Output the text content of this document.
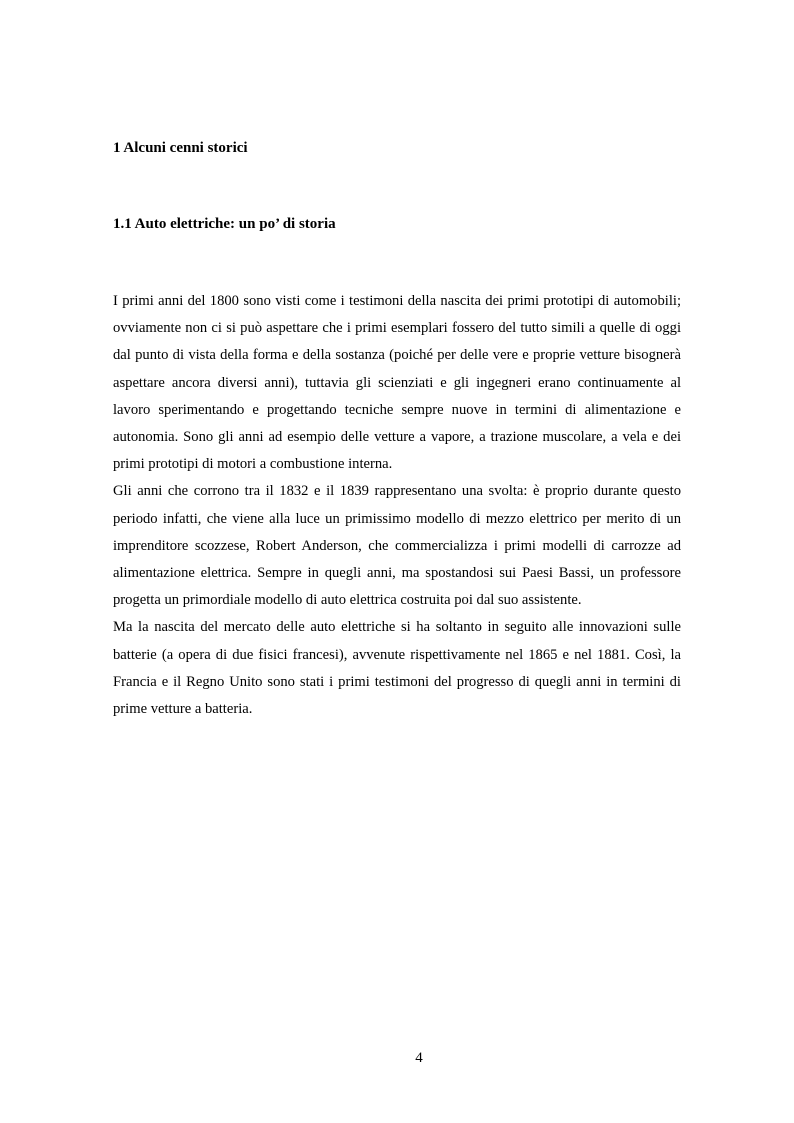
1 Alcuni cenni storici
1.1 Auto elettriche: un po’ di storia

I primi anni del 1800 sono visti come i testimoni della nascita dei primi prototipi di automobili; ovviamente non ci si può aspettare che i primi esemplari fossero del tutto simili a quelle di oggi dal punto di vista della forma e della sostanza (poiché per delle vere e proprie vetture bisognerà aspettare ancora diversi anni), tuttavia gli scienziati e gli ingegneri erano continuamente al lavoro sperimentando e progettando tecniche sempre nuove in termini di alimentazione e autonomia. Sono gli anni ad esempio delle vetture a vapore, a trazione muscolare, a vela e dei primi prototipi di motori a combustione interna.

Gli anni che corrono tra il 1832 e il 1839 rappresentano una svolta: è proprio durante questo periodo infatti, che viene alla luce un primissimo modello di mezzo elettrico per merito di un imprenditore scozzese, Robert Anderson, che commercializza i primi modelli di carrozze ad alimentazione elettrica. Sempre in quegli anni, ma spostandosi sui Paesi Bassi, un professore progetta un primordiale modello di auto elettrica costruita poi dal suo assistente.

Ma la nascita del mercato delle auto elettriche si ha soltanto in seguito alle innovazioni sulle batterie (a opera di due fisici francesi), avvenute rispettivamente nel 1865 e nel 1881. Così, la Francia e il Regno Unito sono stati i primi testimoni del progresso di quegli anni in termini di prime vetture a batteria.

4
